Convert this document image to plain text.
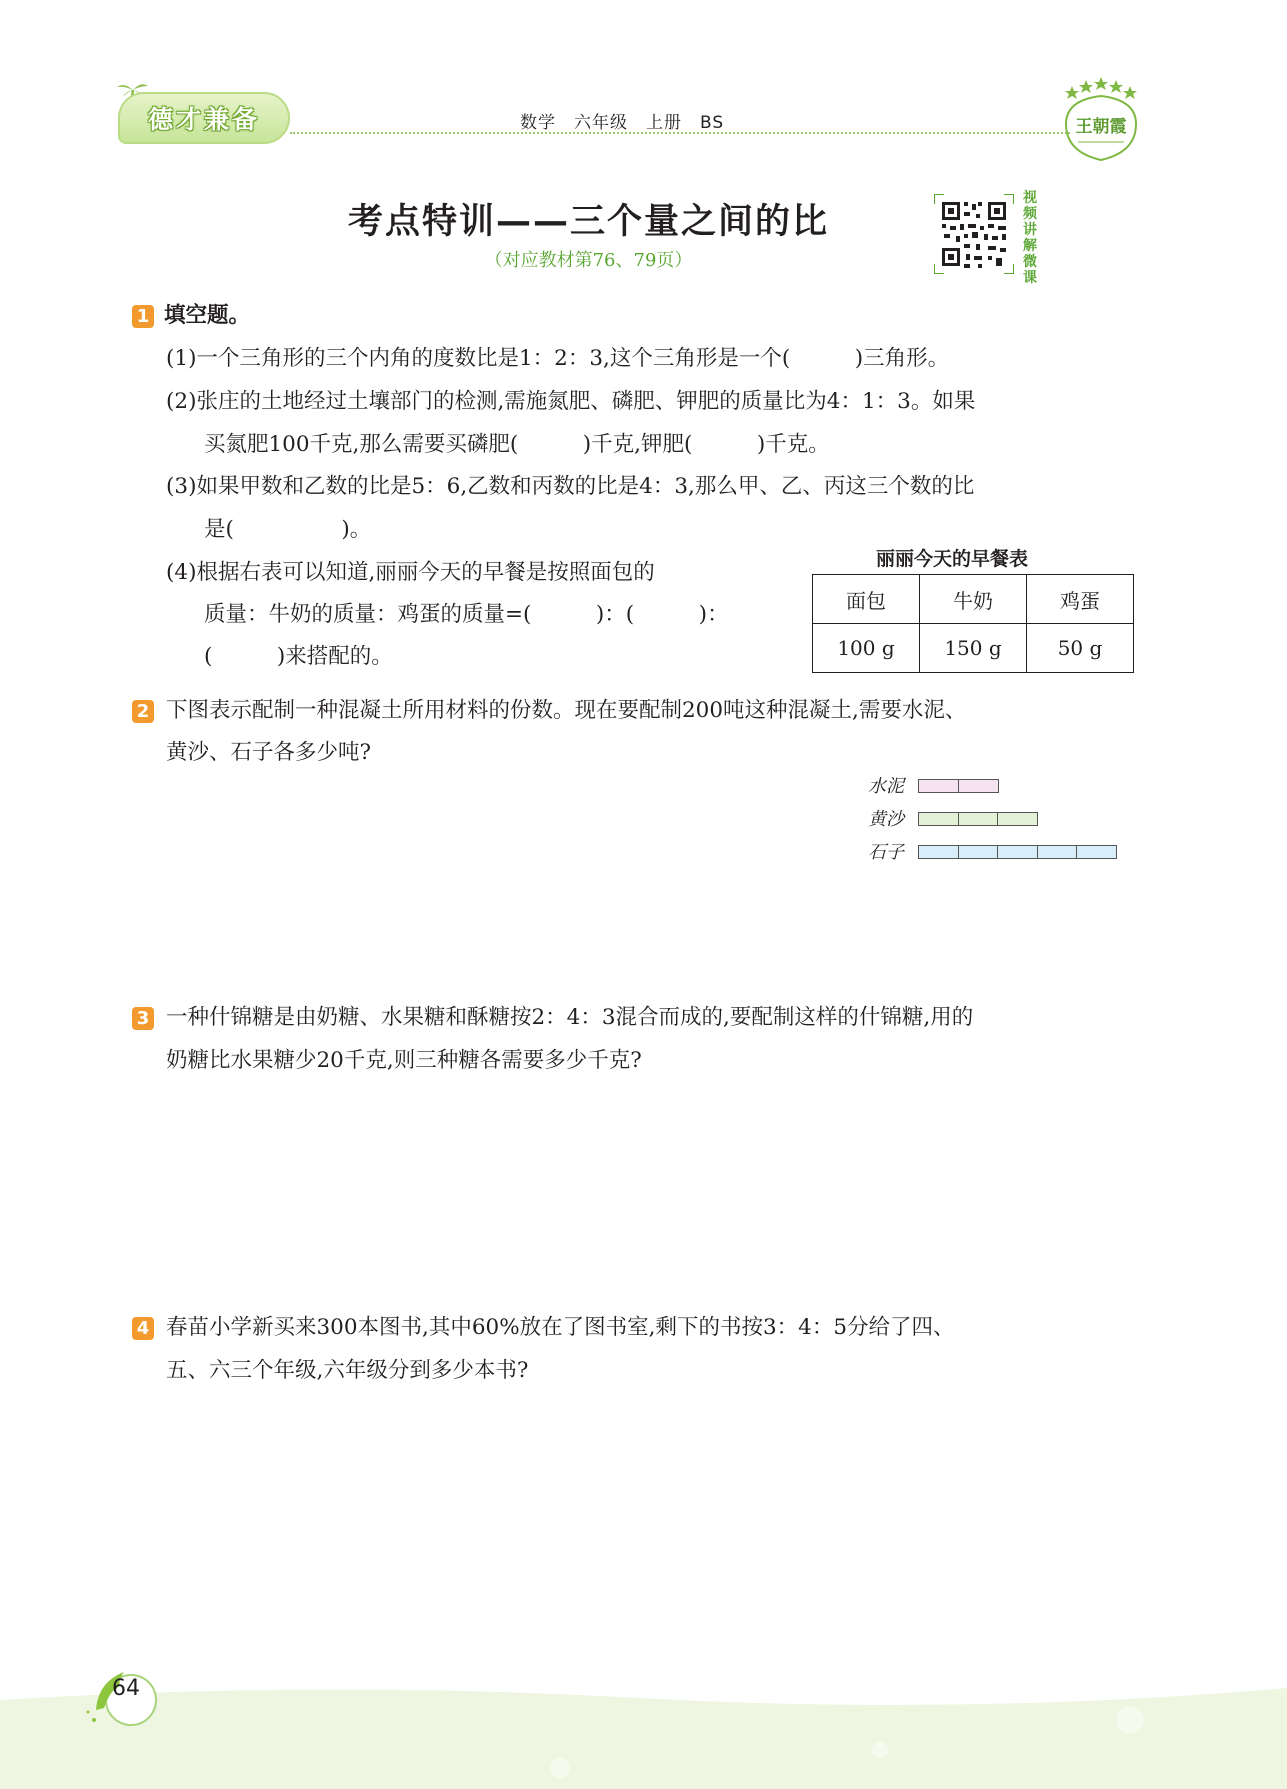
德才兼备	数学　六年级　上册　BS	王朝霞
考点特训——三个量之间的比
（对应教材第76、79页）
视频讲解微课
1 填空题。
(1)一个三角形的三个内角的度数比是1：2：3,这个三角形是一个(　　　)三角形。
(2)张庄的土地经过土壤部门的检测,需施氮肥、磷肥、钾肥的质量比为4：1：3。如果
买氮肥100千克,那么需要买磷肥(　　　)千克,钾肥(　　　)千克。
(3)如果甲数和乙数的比是5：6,乙数和丙数的比是4：3,那么甲、乙、丙这三个数的比
是(　　　　　)。
(4)根据右表可以知道,丽丽今天的早餐是按照面包的
质量：牛奶的质量：鸡蛋的质量=(　　　)：(　　　)：
(　　　)来搭配的。
丽丽今天的早餐表
面包	牛奶	鸡蛋
100 g	150 g	50 g
2 下图表示配制一种混凝土所用材料的份数。现在要配制200吨这种混凝土,需要水泥、
黄沙、石子各多少吨?
水泥
黄沙
石子
3 一种什锦糖是由奶糖、水果糖和酥糖按2：4：3混合而成的,要配制这样的什锦糖,用的
奶糖比水果糖少20千克,则三种糖各需要多少千克?
4 春苗小学新买来300本图书,其中60%放在了图书室,剩下的书按3：4：5分给了四、
五、六三个年级,六年级分到多少本书?
64
